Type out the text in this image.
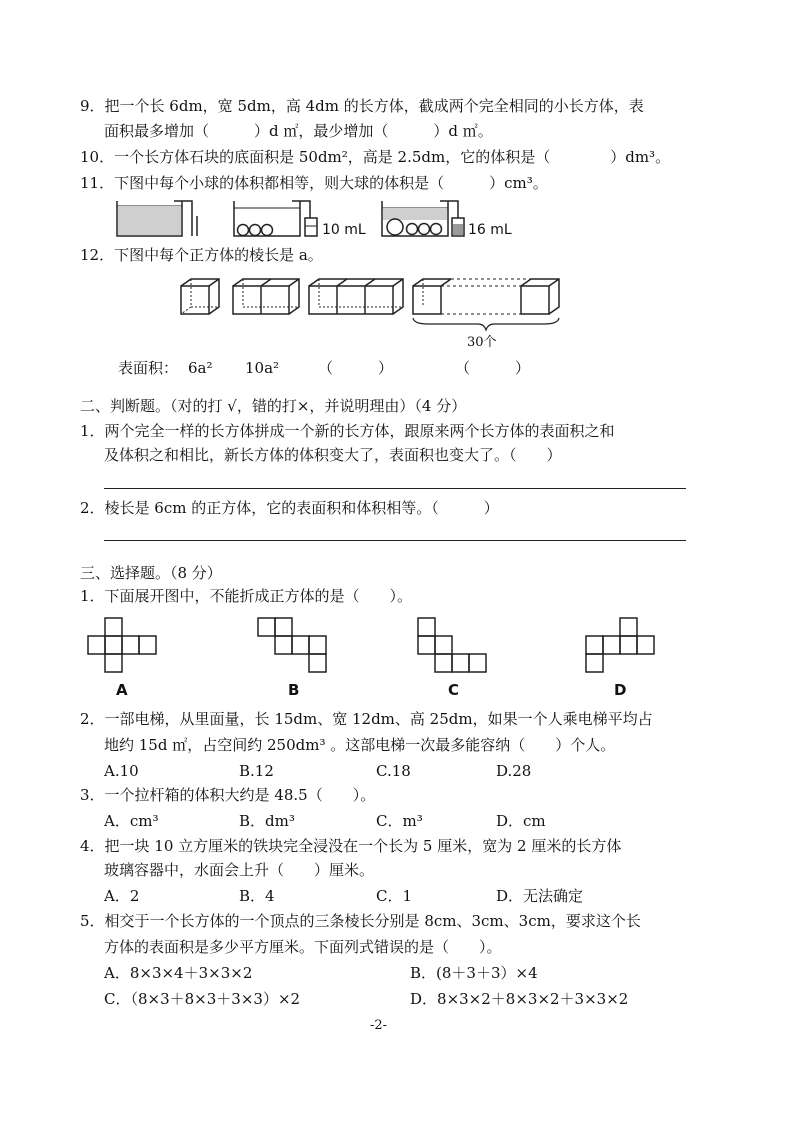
9．把一个长 6dm，宽 5dm，高 4dm 的长方体，截成两个完全相同的小长方体，表
面积最多增加（　　　）d ㎡，最少增加（　　　）d ㎡。
10．一个长方体石块的底面积是 50dm²，高是 2.5dm，它的体积是（　　　　）dm³。
11．下图中每个小球的体积都相等，则大球的体积是（　　　）cm³。
10 mL	16 mL
12．下图中每个正方体的棱长是 a。
30个
表面积： 6a² 10a²	（　　　）	（　　　）
二、判断题。（对的打 √，错的打×，并说明理由）（4 分）
1．两个完全一样的长方体拼成一个新的长方体，跟原来两个长方体的表面积之和
及体积之和相比，新长方体的体积变大了，表面积也变大了。（　　）
2．棱长是 6cm 的正方体，它的表面积和体积相等。（　　　）
三、选择题。（8 分）
1．下面展开图中，不能折成正方体的是（　　）。
A	B	C	D
2．一部电梯，从里面量，长 15dm、宽 12dm、高 25dm，如果一个人乘电梯平均占
地约 15d ㎡，占空间约 250dm³ 。这部电梯一次最多能容纳（　　）个人。
A.10	B.12	C.18	D.28
3．一个拉杆箱的体积大约是 48.5（　　）。
A．cm³	B．dm³	C．m³	D．cm
4．把一块 10 立方厘米的铁块完全浸没在一个长为 5 厘米，宽为 2 厘米的长方体
玻璃容器中，水面会上升（　　）厘米。
A．2	B．4	C．1	D．无法确定
5．相交于一个长方体的一个顶点的三条棱长分别是 8cm、3cm、3cm，要求这个长
方体的表面积是多少平方厘米。下面列式错误的是（　　）。
A．8×3×4＋3×3×2	B．(8＋3＋3）×4
C．（8×3＋8×3＋3×3）×2	D．8×3×2＋8×3×2＋3×3×2
-2-
